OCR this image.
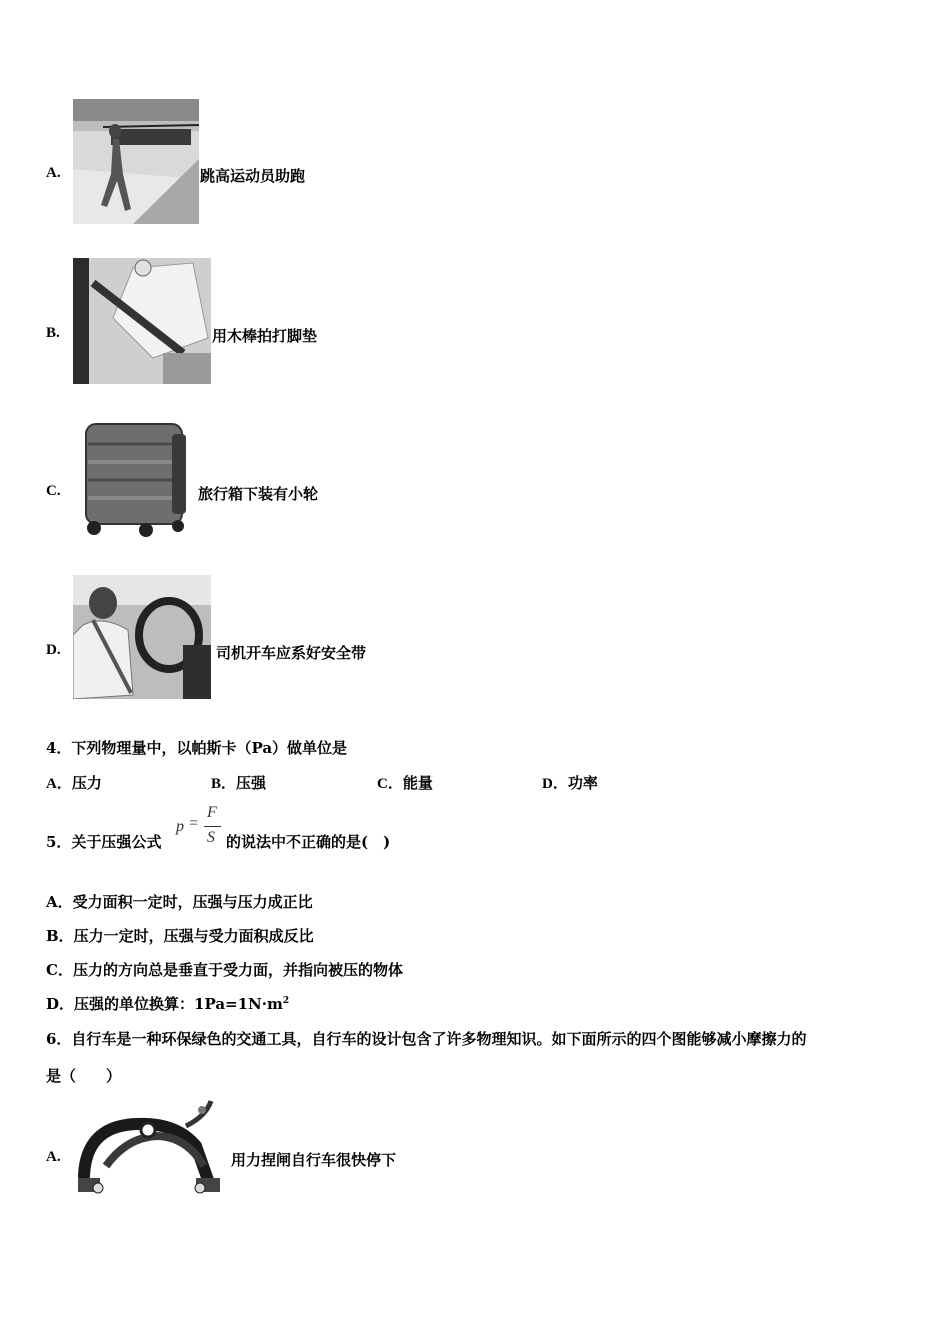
A.	跳高运动员助跑
B.	用木棒拍打脚垫
C.	旅行箱下装有小轮
D.	司机开车应系好安全带
4．下列物理量中，以帕斯卡（Pa）做单位是
A．压力	B．压强	C．能量	D．功率
5．关于压强公式
p =
F
S 的说法中不正确的是(　)
A．受力面积一定时，压强与压力成正比
B．压力一定时，压强与受力面积成反比
C．压力的方向总是垂直于受力面，并指向被压的物体
D．压强的单位换算：$1Pa=1N\cdot m^2$
6．自行车是一种环保绿色的交通工具，自行车的设计包含了许多物理知识。如下面所示的四个图能够减小摩擦力的
是（　　）
A.	用力捏闸自行车很快停下
